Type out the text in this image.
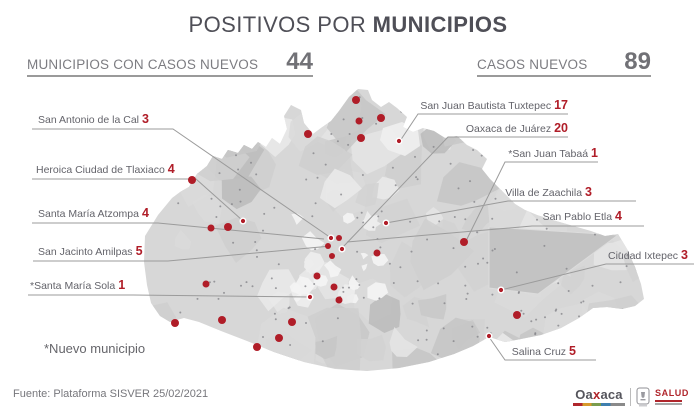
POSITIVOS POR MUNICIPIOS
MUNICIPIOS CON CASOS NUEVOS 44	CASOS NUEVOS 89
San Antonio de la Cal 3
Heroica Ciudad de Tlaxiaco 4
Santa María Atzompa 4
San Jacinto Amilpas 5
*Santa María Sola 1
San Juan Bautista Tuxtepec 17
Oaxaca de Juárez 20
*San Juan Tabaá 1
Villa de Zaachila 3
San Pablo Etla 4
Ciudad Ixtepec 3
Salina Cruz 5
*Nuevo municipio
Fuente: Plataforma SISVER 25/02/2021	Oaxaca	SALUD
